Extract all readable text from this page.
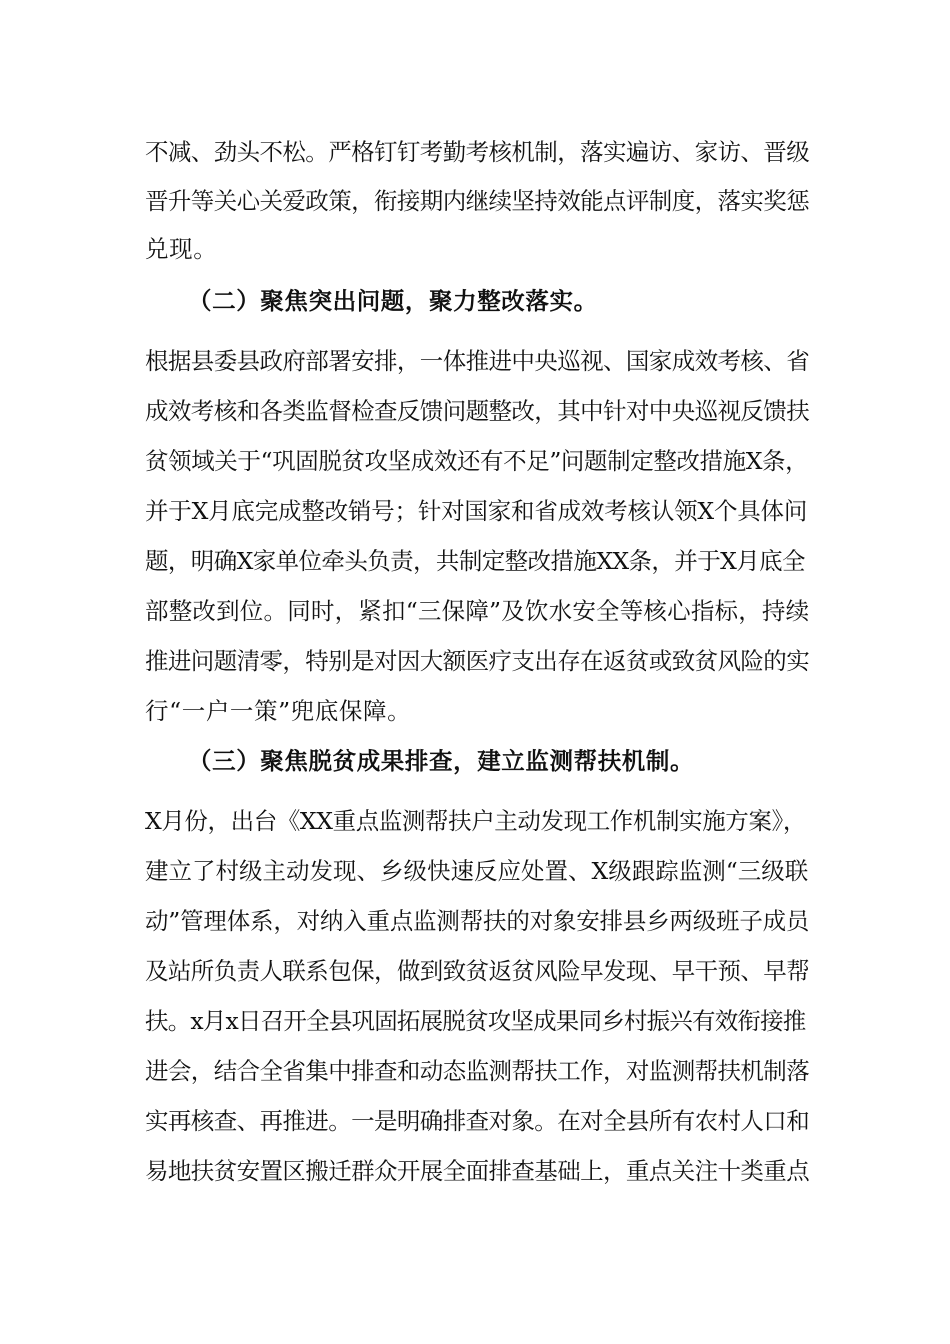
不减、劲头不松。严格钉钉考勤考核机制，落实遍访、家访、晋级
晋升等关心关爱政策，衔接期内继续坚持效能点评制度，落实奖惩
兑现。
（二）聚焦突出问题，聚力整改落实。
根据县委县政府部署安排，一体推进中央巡视、国家成效考核、省
成效考核和各类监督检查反馈问题整改，其中针对中央巡视反馈扶
贫领域关于“巩固脱贫攻坚成效还有不足”问题制定整改措施X条，
并于X月底完成整改销号；针对国家和省成效考核认领X个具体问
题，明确X家单位牵头负责，共制定整改措施XX条，并于X月底全
部整改到位。同时，紧扣“三保障”及饮水安全等核心指标，持续
推进问题清零，特别是对因大额医疗支出存在返贫或致贫风险的实
行“一户一策”兜底保障。
（三）聚焦脱贫成果排查，建立监测帮扶机制。
X月份，出台《XX重点监测帮扶户主动发现工作机制实施方案》，
建立了村级主动发现、乡级快速反应处置、X级跟踪监测“三级联
动”管理体系，对纳入重点监测帮扶的对象安排县乡两级班子成员
及站所负责人联系包保，做到致贫返贫风险早发现、早干预、早帮
扶。x月x日召开全县巩固拓展脱贫攻坚成果同乡村振兴有效衔接推
进会，结合全省集中排查和动态监测帮扶工作，对监测帮扶机制落
实再核查、再推进。一是明确排查对象。在对全县所有农村人口和
易地扶贫安置区搬迁群众开展全面排查基础上，重点关注十类重点
